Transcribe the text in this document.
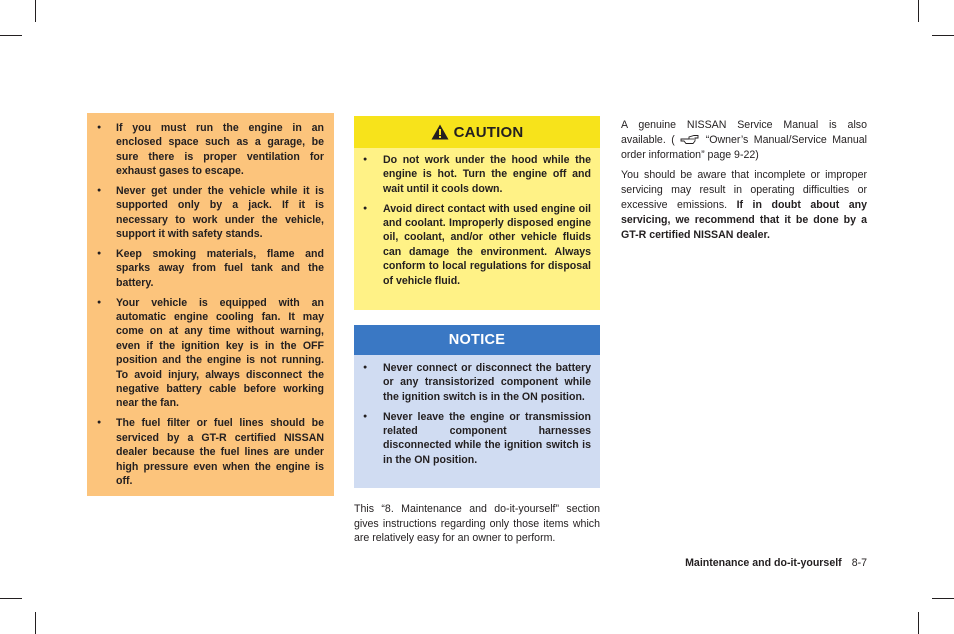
● If you must run the engine in an enclosed space such as a garage, be sure there is proper ventilation for exhaust gases to escape.
● Never get under the vehicle while it is supported only by a jack. If it is necessary to work under the vehicle, support it with safety stands.
● Keep smoking materials, flame and sparks away from fuel tank and the battery.
● Your vehicle is equipped with an automatic engine cooling fan. It may come on at any time without warning, even if the ignition key is in the OFF position and the engine is not running. To avoid injury, always disconnect the negative battery cable before working near the fan.
● The fuel filter or fuel lines should be serviced by a GT-R certified NISSAN dealer because the fuel lines are under high pressure even when the engine is off.
CAUTION
● Do not work under the hood while the engine is hot. Turn the engine off and wait until it cools down.
● Avoid direct contact with used engine oil and coolant. Improperly disposed engine oil, coolant, and/or other vehicle fluids can damage the environment. Always conform to local regulations for disposal of vehicle fluid.
NOTICE
● Never connect or disconnect the battery or any transistorized component while the ignition switch is in the ON position.
● Never leave the engine or transmission related component harnesses disconnected while the ignition switch is in the ON position.
This “8. Maintenance and do-it-yourself” section gives instructions regarding only those items which are relatively easy for an owner to perform.

A genuine NISSAN Service Manual is also available. (	“Owner’s Manual/Service Manual order information” page 9-22)

You should be aware that incomplete or improper servicing may result in operating difficulties or excessive emissions. If in doubt about any servicing, we recommend that it be done by a GT-R certified NISSAN dealer.

Maintenance and do-it-yourself 8-7
